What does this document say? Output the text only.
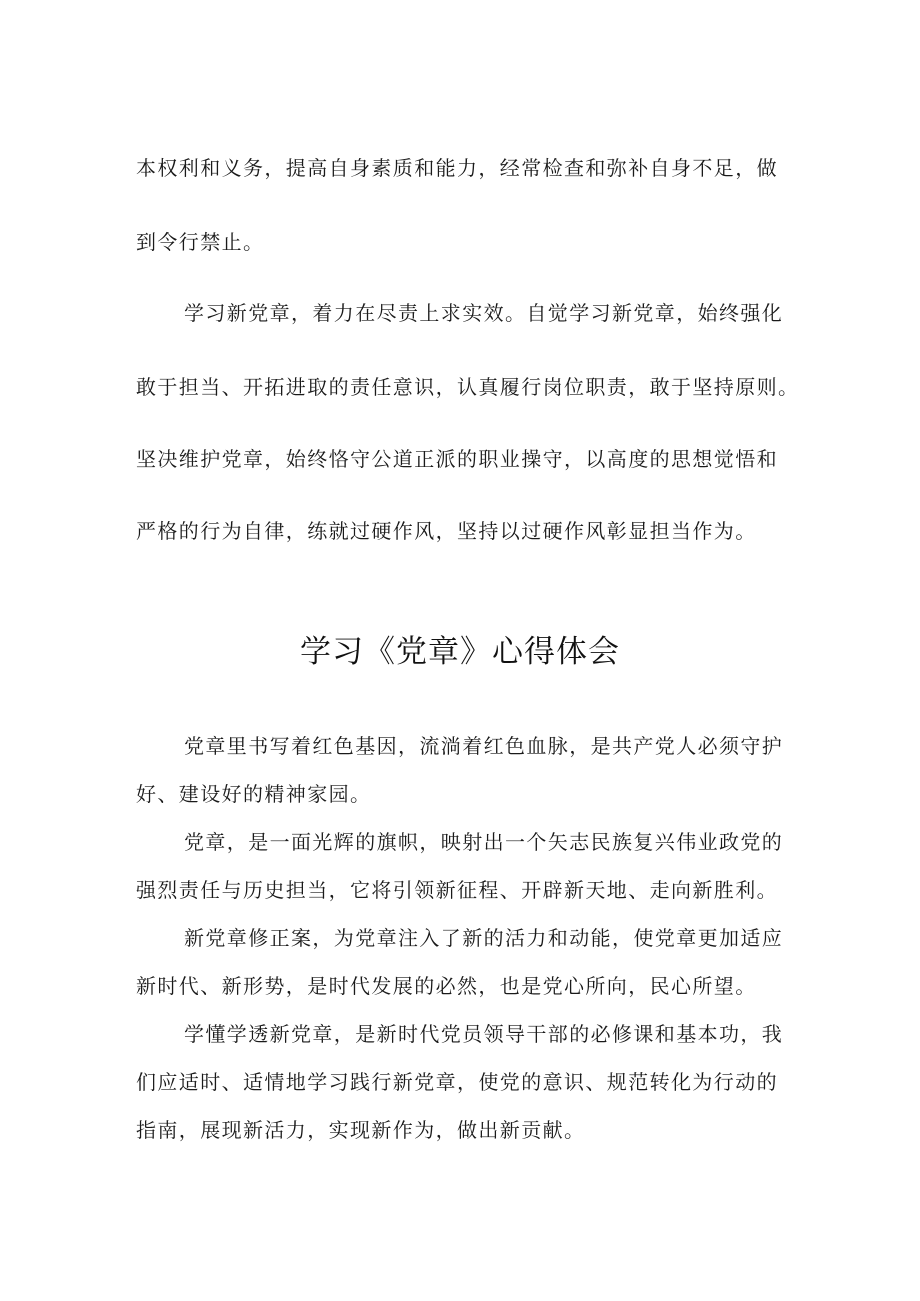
本权利和义务，提高自身素质和能力，经常检查和弥补自身不足，做
到令行禁止。
学习新党章，着力在尽责上求实效。自觉学习新党章，始终强化
敢于担当、开拓进取的责任意识，认真履行岗位职责，敢于坚持原则。
坚决维护党章，始终恪守公道正派的职业操守，以高度的思想觉悟和
严格的行为自律，练就过硬作风，坚持以过硬作风彰显担当作为。
学习《党章》心得体会
党章里书写着红色基因，流淌着红色血脉，是共产党人必须守护
好、建设好的精神家园。
党章，是一面光辉的旗帜，映射出一个矢志民族复兴伟业政党的
强烈责任与历史担当，它将引领新征程、开辟新天地、走向新胜利。
新党章修正案，为党章注入了新的活力和动能，使党章更加适应
新时代、新形势，是时代发展的必然，也是党心所向，民心所望。
学懂学透新党章，是新时代党员领导干部的必修课和基本功，我
们应适时、适情地学习践行新党章，使党的意识、规范转化为行动的
指南，展现新活力，实现新作为，做出新贡献。
